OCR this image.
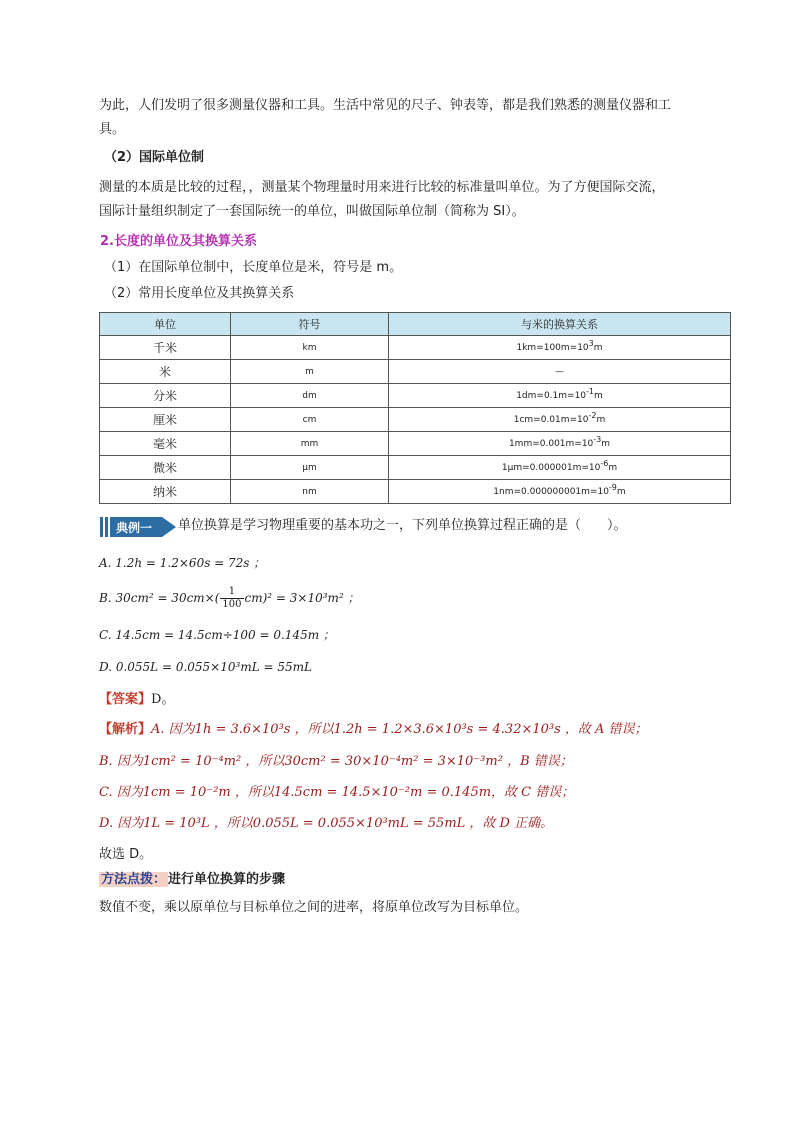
为此，人们发明了很多测量仪器和工具。生活中常见的尺子、钟表等，都是我们熟悉的测量仪器和工

具。

（2）国际单位制

测量的本质是比较的过程，，测量某个物理量时用来进行比较的标准量叫单位。为了方便国际交流，

国际计量组织制定了一套国际统一的单位，叫做国际单位制（简称为 SI）。

2.长度的单位及其换算关系

（1）在国际单位制中，长度单位是米，符号是 m。

（2）常用长度单位及其换算关系

单位	符号	与米的换算关系
千米	km	$1km=100m=10^3m$
米	m	—
分米	dm	$1dm=0.1m=10^{-1}m$
厘米	cm	$1cm=0.01m=10^{-2}m$
毫米	mm	$1mm=0.001m=10^{-3}m$
微米	μm	$1\mu m=0.000001m=10^{-6}m$
纳米	nm	$1nm=0.000000001m=10^{-9}m$
典例一 单位换算是学习物理重要的基本功之一，下列单位换算过程正确的是（　　）。
A. 1.2h = 1.2×60s = 72s ；
B. $30cm^2 = 30cm\times( \frac{1}{100} cm)^2 = 3\times 10^3m^2$ ；
C. 14.5cm = 14.5cm÷100 = 0.145m ；
D. 0.055L = 0.055×10³mL = 55mL
【答案】D。
【解析】A. 因为1h = 3.6×10³s ，所以1.2h = 1.2×3.6×10³s = 4.32×10³s ，故 A 错误；
B. 因为1cm² = 10⁻⁴m² ，所以30cm² = 30×10⁻⁴m² = 3×10⁻³m² ，B 错误；
C. 因为1cm = 10⁻²m ，所以14.5cm = 14.5×10⁻²m = 0.145m，故 C 错误；
D. 因为1L = 10³L ，所以0.055L = 0.055×10³mL = 55mL ，故 D 正确。
故选 D。
方法点拨： 进行单位换算的步骤
数值不变，乘以原单位与目标单位之间的进率，将原单位改写为目标单位。
